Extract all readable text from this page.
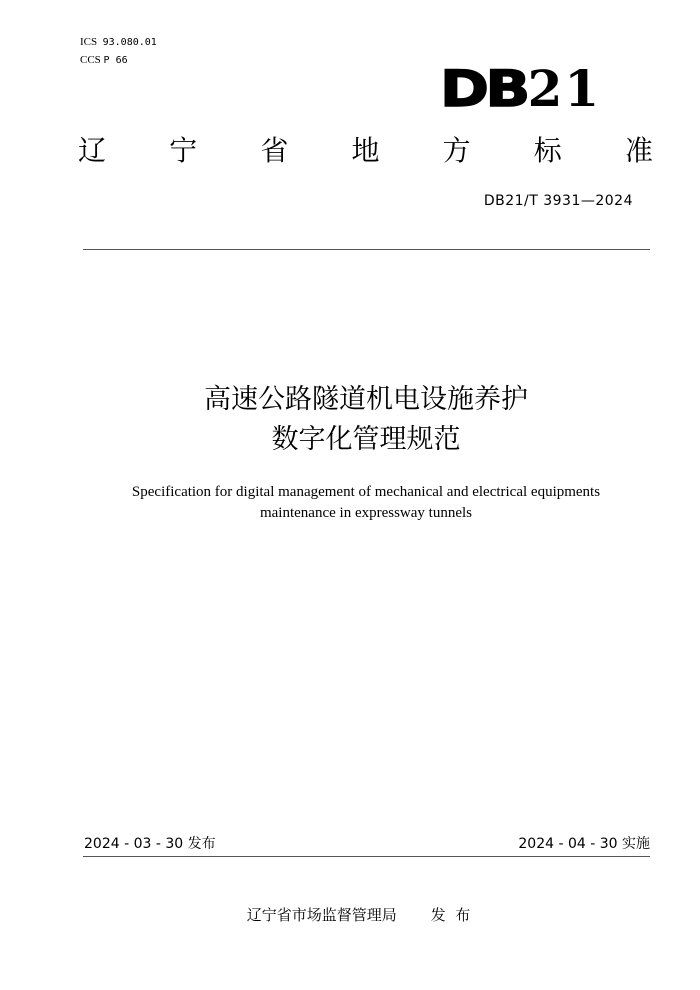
ICS 93.080.01
CCS P 66	DB 21
辽 宁 省 地 方 标 准
DB21/T 3931—2024
高速公路隧道机电设施养护
数字化管理规范
Specification for digital management of mechanical and electrical equipments
maintenance in expressway tunnels
2024 - 03 - 30 发布	2024 - 04 - 30 实施
辽宁省市场监督管理局 发  布
